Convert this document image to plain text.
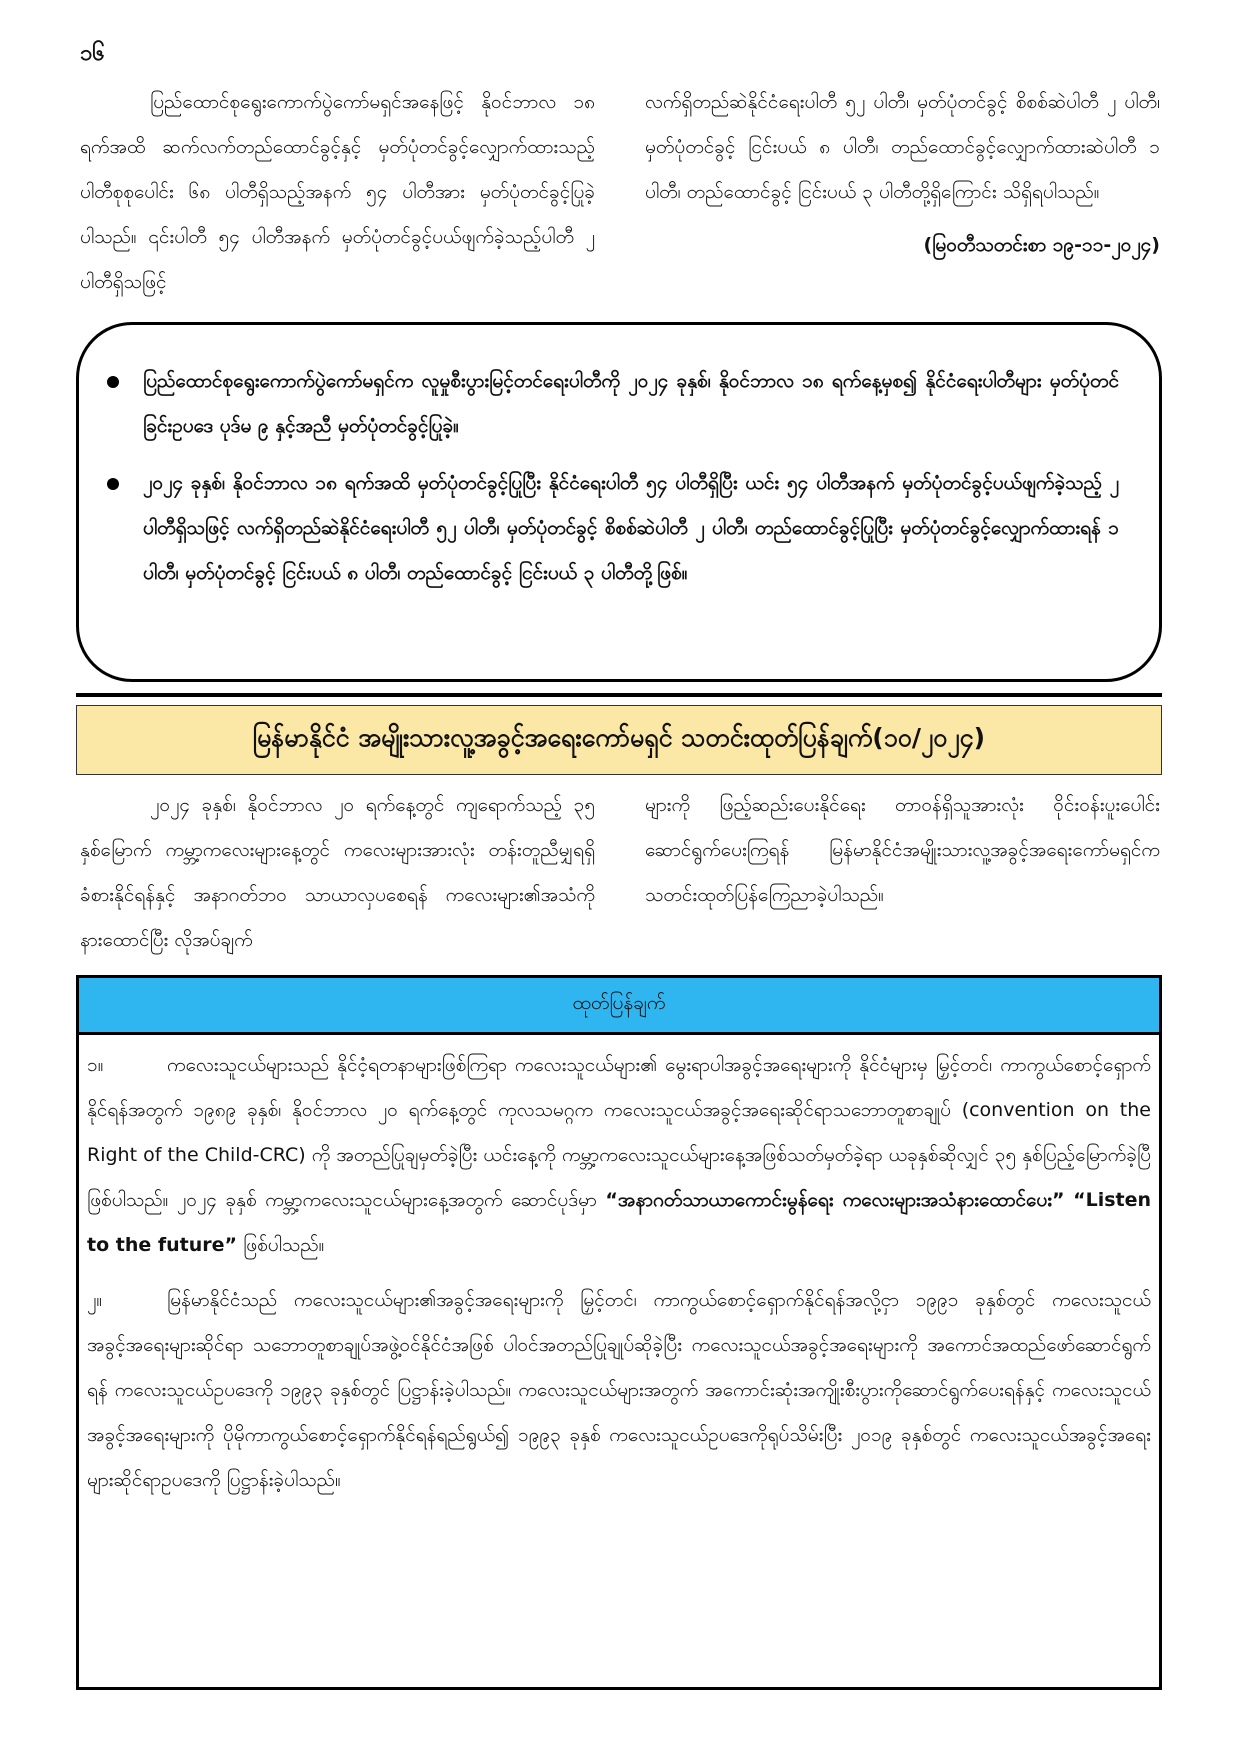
၁၆

ပြည်ထောင်စုရွေးကောက်ပွဲကော်မရှင်အနေဖြင့် နိုဝင်ဘာလ ၁၈ ရက်အထိ ဆက်လက်တည်ထောင်ခွင့်နှင့် မှတ်ပုံတင်ခွင့်လျှောက်ထားသည့် ပါတီစုစုပေါင်း ၆၈ ပါတီရှိသည့်အနက် ၅၄ ပါတီအား မှတ်ပုံတင်ခွင့်ပြုခဲ့ပါသည်။ ၎င်းပါတီ ၅၄ ပါတီအနက် မှတ်ပုံတင်ခွင့်ပယ်ဖျက်ခဲ့သည့်ပါတီ ၂ ပါတီရှိသဖြင့်

လက်ရှိတည်ဆဲနိုင်ငံရေးပါတီ ၅၂ ပါတီ၊ မှတ်ပုံတင်ခွင့် စိစစ်ဆဲပါတီ ၂ ပါတီ၊ မှတ်ပုံတင်ခွင့် ငြင်းပယ် ၈ ပါတီ၊ တည်ထောင်ခွင့်လျှောက်ထားဆဲပါတီ ၁ ပါတီ၊ တည်ထောင်ခွင့် ငြင်းပယ် ၃ ပါတီတို့ရှိကြောင်း သိရှိရပါသည်။

(မြဝတီသတင်းစာ ၁၉-၁၁-၂၀၂၄)

ပြည်ထောင်စုရွေးကောက်ပွဲကော်မရှင်က လူမှုစီးပွားမြင့်တင်ရေးပါတီကို ၂၀၂၄ ခုနှစ်၊ နိုဝင်ဘာလ ၁၈ ရက်နေ့မှစ၍ နိုင်ငံရေးပါတီများ မှတ်ပုံတင်ခြင်းဥပဒေ ပုဒ်မ ၉ နှင့်အညီ မှတ်ပုံတင်ခွင့်ပြုခဲ့။
၂၀၂၄ ခုနှစ်၊ နိုဝင်ဘာလ ၁၈ ရက်အထိ မှတ်ပုံတင်ခွင့်ပြုပြီး နိုင်ငံရေးပါတီ ၅၄ ပါတီရှိပြီး ယင်း ၅၄ ပါတီအနက် မှတ်ပုံတင်ခွင့်ပယ်ဖျက်ခဲ့သည့် ၂ ပါတီရှိသဖြင့် လက်ရှိတည်ဆဲနိုင်ငံရေးပါတီ ၅၂ ပါတီ၊ မှတ်ပုံတင်ခွင့် စိစစ်ဆဲပါတီ ၂ ပါတီ၊ တည်ထောင်ခွင့်ပြုပြီး မှတ်ပုံတင်ခွင့်လျှောက်ထားရန် ၁ ပါတီ၊ မှတ်ပုံတင်ခွင့် ငြင်းပယ် ၈ ပါတီ၊ တည်ထောင်ခွင့် ငြင်းပယ် ၃ ပါတီတို့ဖြစ်။
မြန်မာနိုင်ငံ အမျိုးသားလူ့အခွင့်အရေးကော်မရှင် သတင်းထုတ်ပြန်ချက်(၁၀/၂၀၂၄)

၂၀၂၄ ခုနှစ်၊ နိုဝင်ဘာလ ၂၀ ရက်နေ့တွင် ကျရောက်သည့် ၃၅ နှစ်မြောက် ကမ္ဘာ့ကလေးများနေ့တွင် ကလေးများအားလုံး တန်းတူညီမျှရရှိခံစားနိုင်ရန်နှင့် အနာဂတ်ဘဝ သာယာလှပစေရန် ကလေးများ၏အသံကိုနားထောင်ပြီး လိုအပ်ချက်

များကို ဖြည့်ဆည်းပေးနိုင်ရေး တာဝန်ရှိသူအားလုံး ဝိုင်းဝန်းပူးပေါင်းဆောင်ရွက်ပေးကြရန် မြန်မာနိုင်ငံအမျိုးသားလူ့အခွင့်အရေးကော်မရှင်က သတင်းထုတ်ပြန်ကြေညာခဲ့ပါသည်။

ထုတ်ပြန်ချက်

၁။	ကလေးသူငယ်များသည် နိုင်ငံ့ရတနာများဖြစ်ကြရာ ကလေးသူငယ်များ၏ မွေးရာပါအခွင့်အရေးများကို နိုင်ငံများမှ မြှင့်တင်၊ ကာကွယ်စောင့်ရှောက်နိုင်ရန်အတွက် ၁၉၈၉ ခုနှစ်၊ နိုဝင်ဘာလ ၂၀ ရက်နေ့တွင် ကုလသမဂ္ဂက ကလေးသူငယ်အခွင့်အရေးဆိုင်ရာသဘောတူစာချုပ် (convention on the Right of the Child-CRC) ကို အတည်ပြုချမှတ်ခဲ့ပြီး ယင်းနေ့ကို ကမ္ဘာ့ကလေးသူငယ်များနေ့အဖြစ်သတ်မှတ်ခဲ့ရာ ယခုနှစ်ဆိုလျှင် ၃၅ နှစ်ပြည့်မြောက်ခဲ့ပြီဖြစ်ပါသည်။ ၂၀၂၄ ခုနှစ် ကမ္ဘာ့ကလေးသူငယ်များနေ့အတွက် ဆောင်ပုဒ်မှာ “အနာဂတ်သာယာကောင်းမွန်ရေး ကလေးများအသံနားထောင်ပေး” “Listen to the future” ဖြစ်ပါသည်။

၂။	မြန်မာနိုင်ငံသည် ကလေးသူငယ်များ၏အခွင့်အရေးများကို မြှင့်တင်၊ ကာကွယ်စောင့်ရှောက်နိုင်ရန်အလို့ငှာ ၁၉၉၁ ခုနှစ်တွင် ကလေးသူငယ်အခွင့်အရေးများဆိုင်ရာ သဘောတူစာချုပ်အဖွဲ့ဝင်နိုင်ငံအဖြစ် ပါဝင်အတည်ပြုချုပ်ဆိုခဲ့ပြီး ကလေးသူငယ်အခွင့်အရေးများကို အကောင်အထည်ဖော်ဆောင်ရွက်ရန် ကလေးသူငယ်ဥပဒေကို ၁၉၉၃ ခုနှစ်တွင် ပြဋ္ဌာန်းခဲ့ပါသည်။ ကလေးသူငယ်များအတွက် အကောင်းဆုံးအကျိုးစီးပွားကိုဆောင်ရွက်ပေးရန်နှင့် ကလေးသူငယ်အခွင့်အရေးများကို ပိုမိုကာကွယ်စောင့်ရှောက်နိုင်ရန်ရည်ရွယ်၍ ၁၉၉၃ ခုနှစ် ကလေးသူငယ်ဥပဒေကိုရုပ်သိမ်းပြီး ၂၀၁၉ ခုနှစ်တွင် ကလေးသူငယ်အခွင့်အရေးများဆိုင်ရာဥပဒေကို ပြဋ္ဌာန်းခဲ့ပါသည်။
